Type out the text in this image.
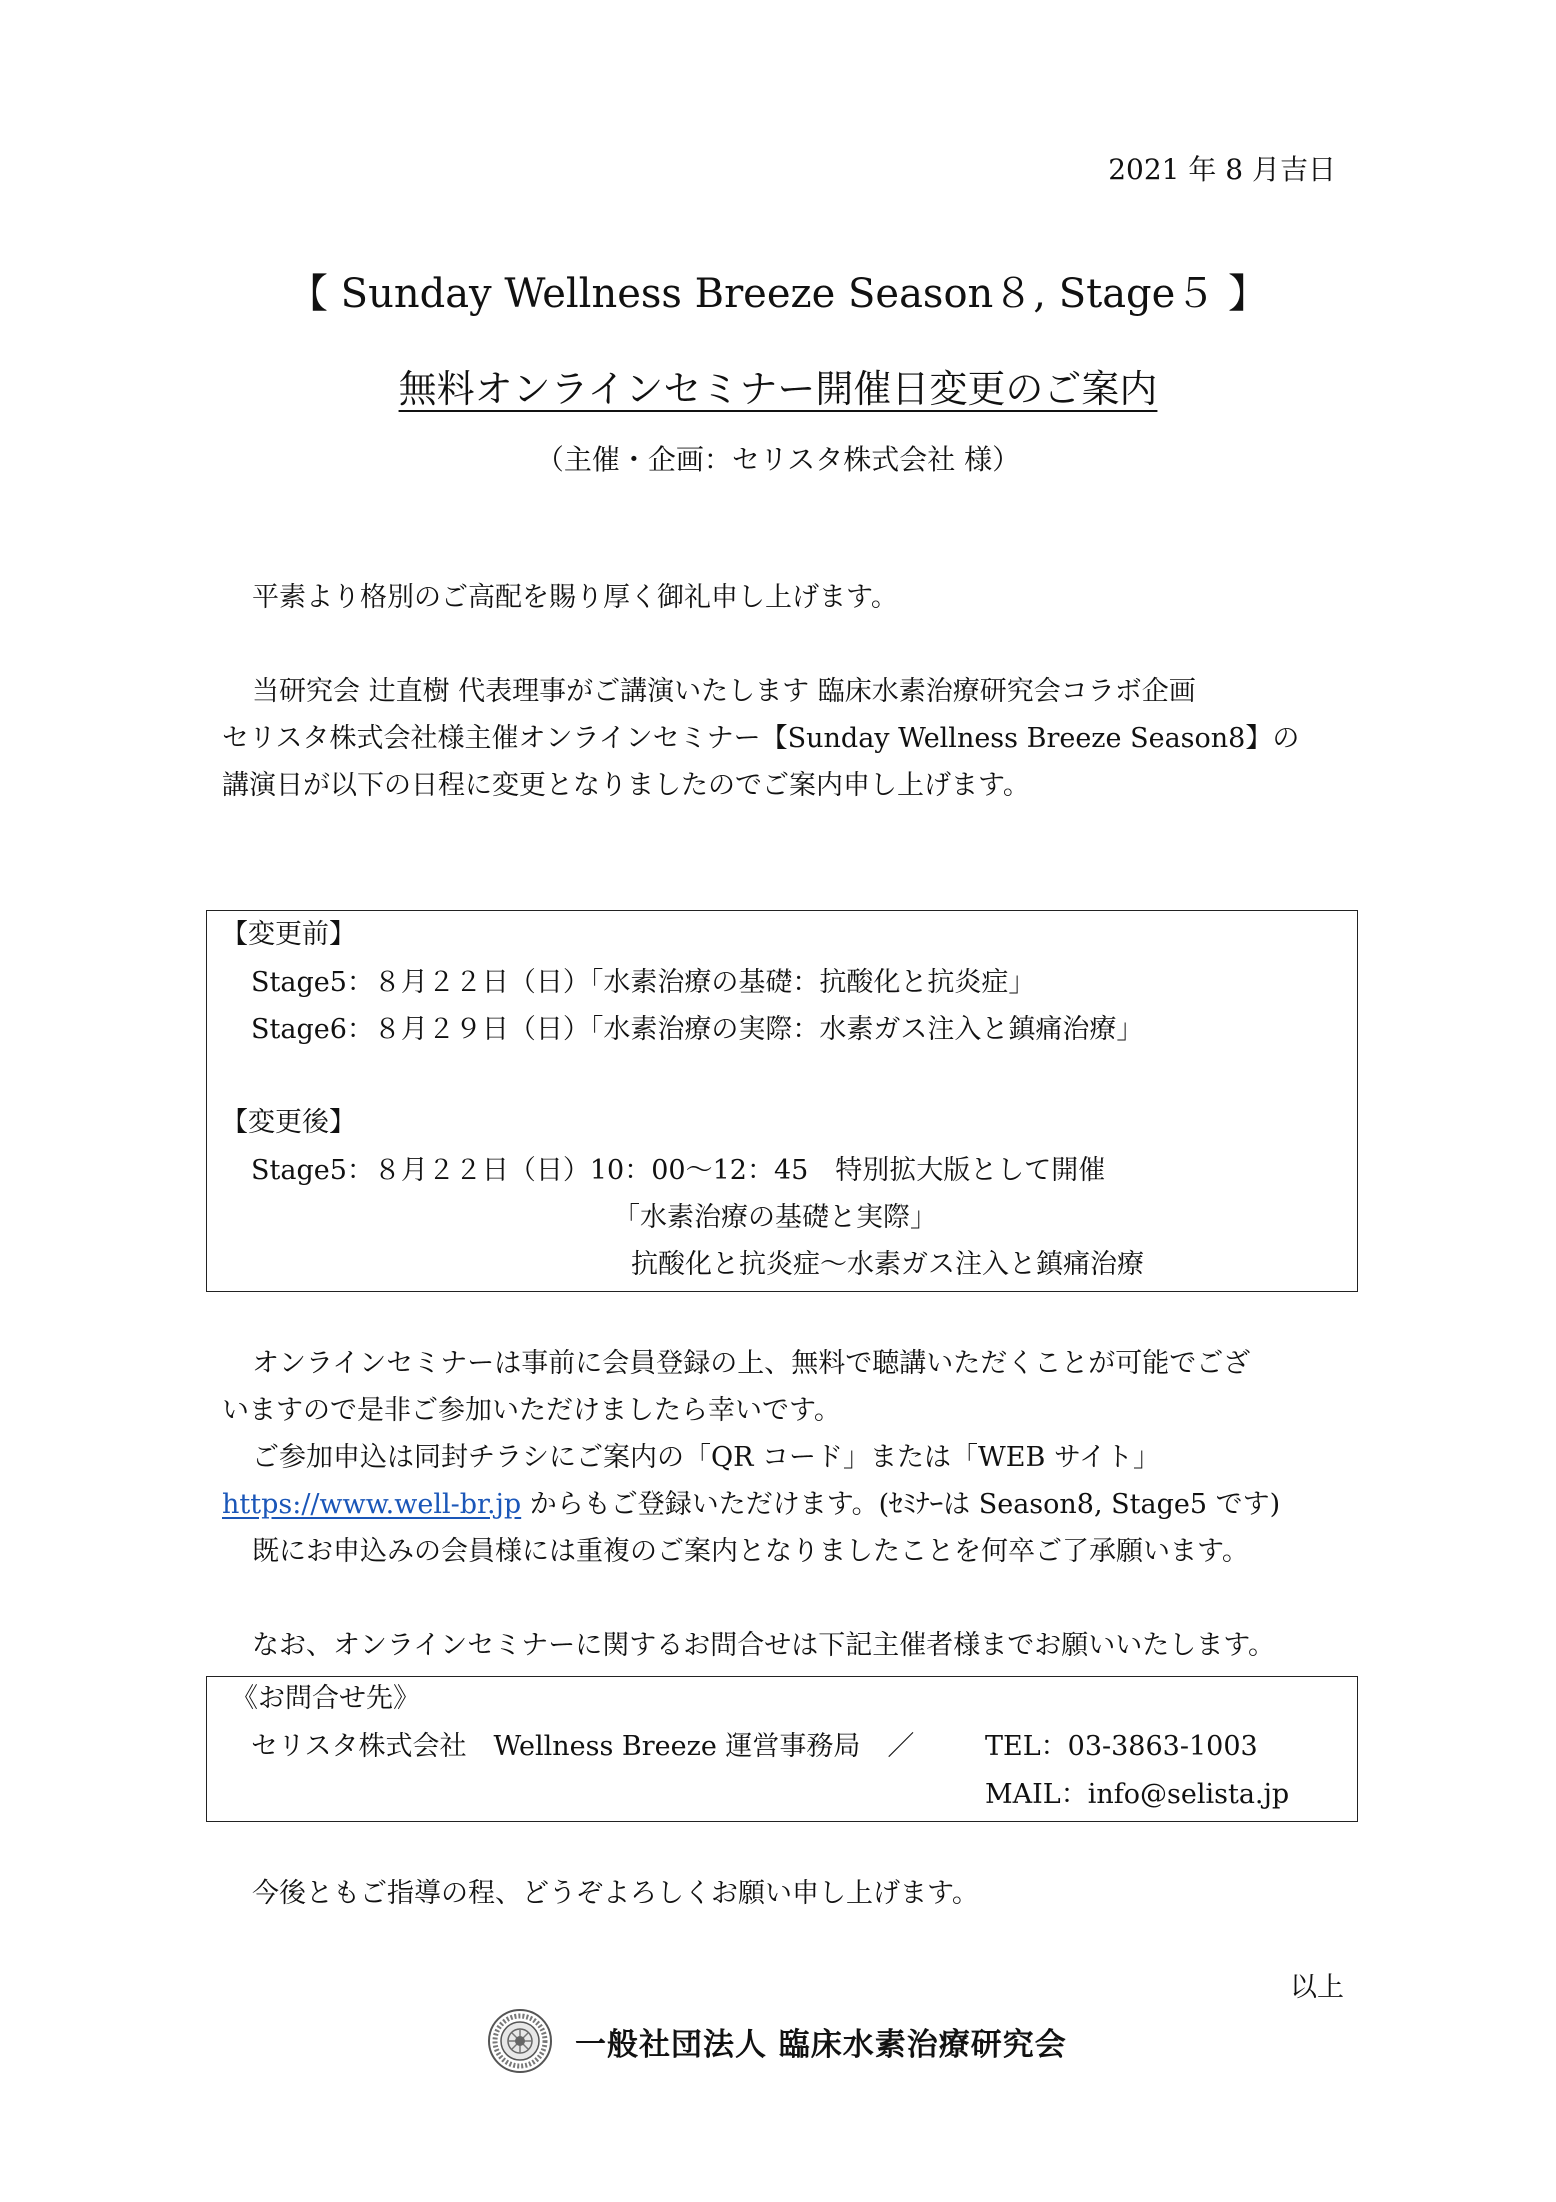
2021 年 8 月吉日
【 Sunday Wellness Breeze Season８, Stage５ 】
無料オンラインセミナー開催日変更のご案内
（主催・企画：セリスタ株式会社 様）
平素より格別のご高配を賜り厚く御礼申し上げます。
当研究会 辻直樹 代表理事がご講演いたします 臨床水素治療研究会コラボ企画
セリスタ株式会社様主催オンラインセミナー【Sunday Wellness Breeze Season8】の
講演日が以下の日程に変更となりましたのでご案内申し上げます。
【変更前】
Stage5：８月２２日（日）「水素治療の基礎：抗酸化と抗炎症」
Stage6：８月２９日（日）「水素治療の実際：水素ガス注入と鎮痛治療」
【変更後】
Stage5：８月２２日（日）10：00～12：45　特別拡大版として開催
「水素治療の基礎と実際」
抗酸化と抗炎症～水素ガス注入と鎮痛治療
オンラインセミナーは事前に会員登録の上、無料で聴講いただくことが可能でござ
いますので是非ご参加いただけましたら幸いです。
ご参加申込は同封チラシにご案内の「QR コード」または「WEB サイト」
https://www.well-br.jp からもご登録いただけます。(ｾﾐﾅｰは Season8, Stage5 です)
既にお申込みの会員様には重複のご案内となりましたことを何卒ご了承願います。
なお、オンラインセミナーに関するお問合せは下記主催者様までお願いいたします。
《お問合せ先》
セリスタ株式会社　Wellness Breeze 運営事務局　／	TEL：03-3863-1003
MAIL：info@selista.jp
今後ともご指導の程、どうぞよろしくお願い申し上げます。
以上
一般社団法人 臨床水素治療研究会
